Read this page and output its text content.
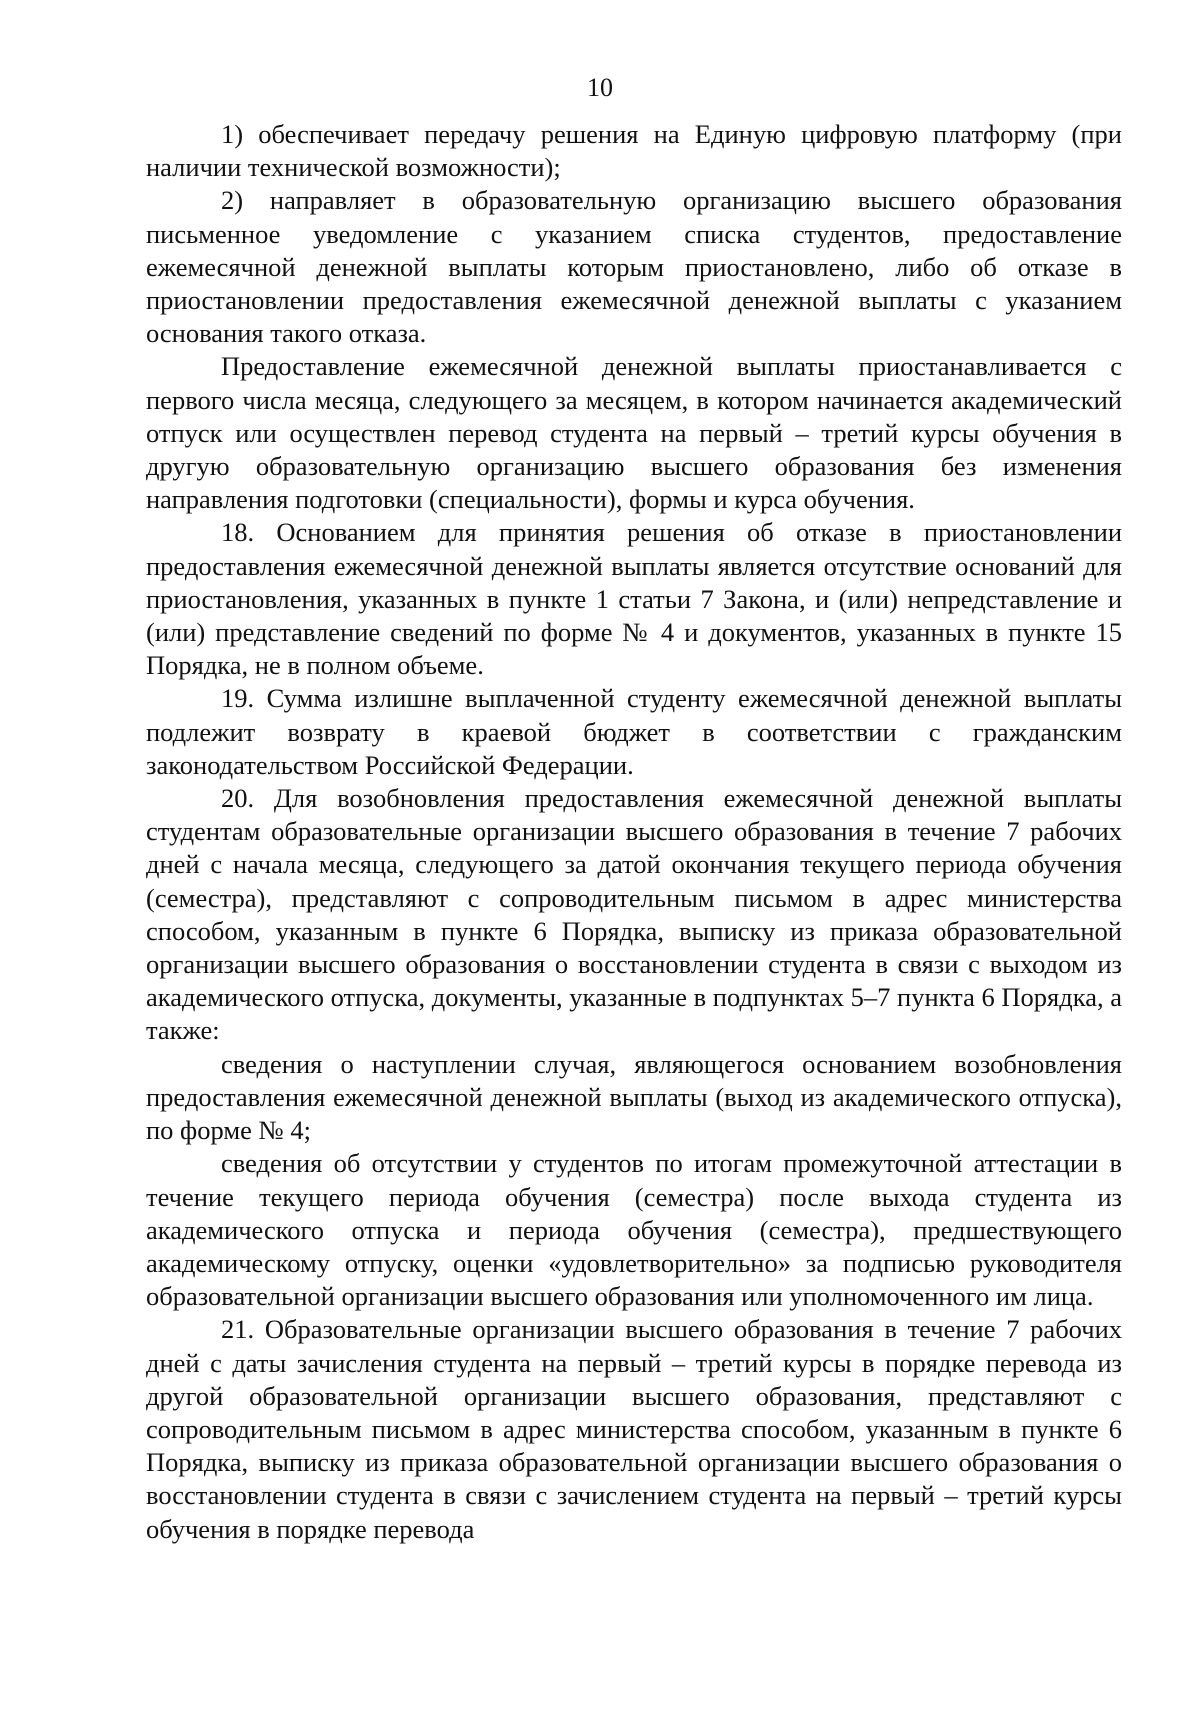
10

1) обеспечивает передачу решения на Единую цифровую платформу (при наличии технической возможности);

2) направляет в образовательную организацию высшего образования письменное уведомление с указанием списка студентов, предоставление ежемесячной денежной выплаты которым приостановлено, либо об отказе в приостановлении предоставления ежемесячной денежной выплаты с указанием основания такого отказа.

Предоставление ежемесячной денежной выплаты приостанавливается с первого числа месяца, следующего за месяцем, в котором начинается академический отпуск или осуществлен перевод студента на первый – третий курсы обучения в другую образовательную организацию высшего образования без изменения направления подготовки (специальности), формы и курса обучения.

18. Основанием для принятия решения об отказе в приостановлении предоставления ежемесячной денежной выплаты является отсутствие оснований для приостановления, указанных в пункте 1 статьи 7 Закона, и (или) непредставление и (или) представление сведений по форме № 4 и документов, указанных в пункте 15 Порядка, не в полном объеме.

19. Сумма излишне выплаченной студенту ежемесячной денежной выплаты подлежит возврату в краевой бюджет в соответствии с гражданским законодательством Российской Федерации.

20. Для возобновления предоставления ежемесячной денежной выплаты студентам образовательные организации высшего образования в течение 7 рабочих дней с начала месяца, следующего за датой окончания текущего периода обучения (семестра), представляют с сопроводительным письмом в адрес министерства способом, указанным в пункте 6 Порядка, выписку из приказа образовательной организации высшего образования о восстановлении студента в связи с выходом из академического отпуска, документы, указанные в подпунктах 5–7 пункта 6 Порядка, а также:

сведения о наступлении случая, являющегося основанием возобновления предоставления ежемесячной денежной выплаты (выход из академического отпуска), по форме № 4;

сведения об отсутствии у студентов по итогам промежуточной аттестации в течение текущего периода обучения (семестра) после выхода студента из академического отпуска и периода обучения (семестра), предшествующего академическому отпуску, оценки «удовлетворительно» за подписью руководителя образовательной организации высшего образования или уполномоченного им лица.

21. Образовательные организации высшего образования в течение 7 рабочих дней с даты зачисления студента на первый – третий курсы в порядке перевода из другой образовательной организации высшего образования, представляют с сопроводительным письмом в адрес министерства способом, указанным в пункте 6 Порядка, выписку из приказа образовательной организации высшего образования о восстановлении студента в связи с зачислением студента на первый – третий курсы обучения в порядке перевода
